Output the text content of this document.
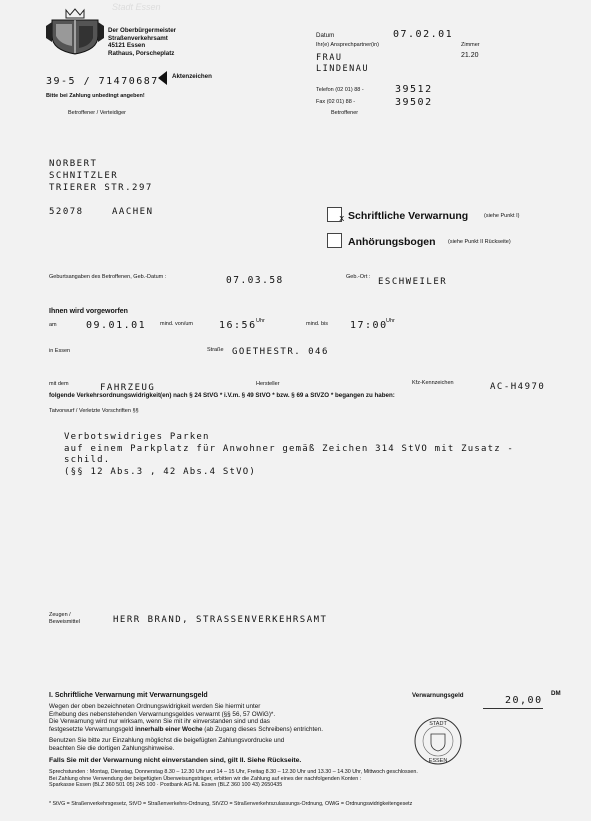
Stadt Essen
Der Oberbürgermeister
Straßenverkehrsamt
45121 Essen
Rathaus, Porscheplatz
39-5 / 71470687 Aktenzeichen
Bitte bei Zahlung unbedingt angeben!
Betroffener / Verteidiger
Datum	07.02.01
Ihr(e) Ansprechpartner(in)	Zimmer
FRAU
LINDENAU
21.20
Telefon (02 01) 88 -	39512
Fax (02 01) 88 -	39502
Betroffener
NORBERT
SCHNITZLER
TRIERER STR.297
52078	AACHEN
x Schriftliche Verwarnung	(siehe Punkt I)
Anhörungsbogen (siehe Punkt II Rückseite)
Geburtsangaben des Betroffenen, Geb.-Datum :	07.03.58	Geb.-Ort : ESCHWEILER
Ihnen wird vorgeworfen
am	09.01.01	mind. von/um	16:56 Uhr	mind. bis 17:00
Uhr
in Essen	Straße GOETHESTR. 046
mit dem	FAHRZEUG	Hersteller	Kfz-Kennzeichen	AC-H4970
folgende Verkehrsordnungswidrigkeit(en) nach § 24 StVG * i.V.m. § 49 StVO * bzw. § 69 a StVZO * begangen zu haben:
Tatvorwurf / Verletzte Vorschriften §§
Verbotswidriges Parken
auf einem Parkplatz für Anwohner gemäß Zeichen 314 StVO mit Zusatz -
schild.
(§§ 12 Abs.3 , 42 Abs.4 StVO)
Zeugen /
Beweismittel	HERR BRAND, STRASSENVERKEHRSAMT
I. Schriftliche Verwarnung mit Verwarnungsgeld	Verwarnungsgeld	20,00
DM
Wegen der oben bezeichneten Ordnungswidrigkeit werden Sie hiermit unter
Erhebung des nebenstehenden Verwarnungsgeldes verwarnt (§§ 56, 57 OWiG)*.
Die Verwarnung wird nur wirksam, wenn Sie mit ihr einverstanden sind und das
festgesetzte Verwarnungsgeld innerhalb einer Woche (ab Zugang dieses Schreibens) entrichten.
Benutzen Sie bitte zur Einzahlung möglichst die beigefügten Zahlungsvordrucke und
beachten Sie die dortigen Zahlungshinweise.
Falls Sie mit der Verwarnung nicht einverstanden sind, gilt II. Siehe Rückseite.
STADT
ESSEN
Sprechstunden : Montag, Dienstag, Donnerstag 8.30 – 12.30 Uhr und 14 – 15 Uhr, Freitag 8.30 – 12.30 Uhr und 13.30 – 14.30 Uhr, Mittwoch geschlossen.
Bei Zahlung ohne Verwendung der beigefügten Überweisungsträger, erbitten wir die Zahlung auf eines der nachfolgenden Konten :
Sparkasse Essen (BLZ 360 501 05) 245 100 · Postbank AG NL Essen (BLZ 360 100 43) 2650435
* StVG = Straßenverkehrsgesetz, StVO = Straßenverkehrs-Ordnung, StVZO = Straßenverkehrszulassungs-Ordnung, OWiG = Ordnungswidrigkeitengesetz
